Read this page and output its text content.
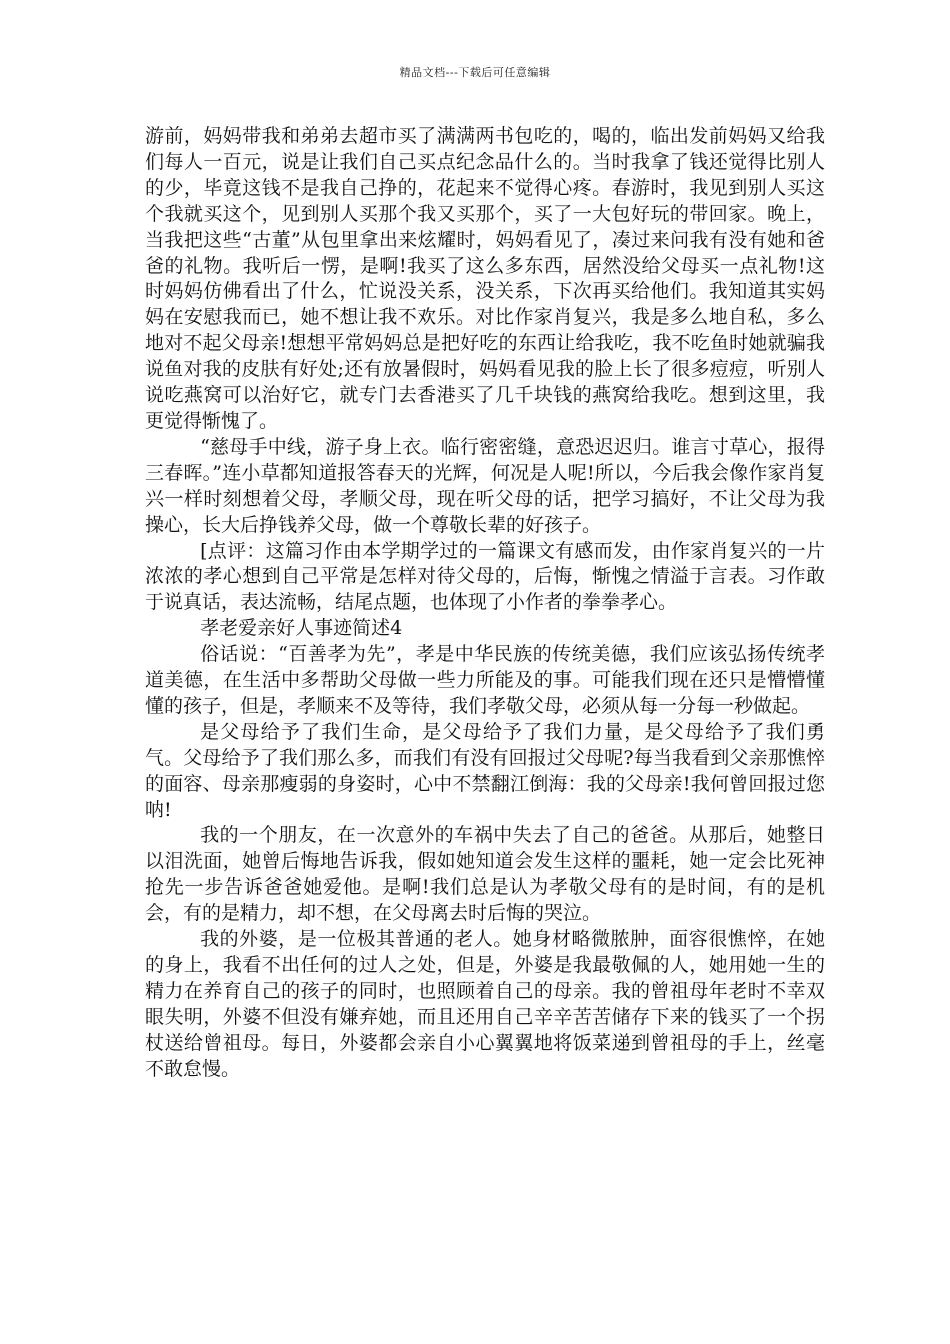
精品文档---下载后可任意编辑

游前，妈妈带我和弟弟去超市买了满满两书包吃的，喝的，临出发前妈妈又给我们每人一百元，说是让我们自己买点纪念品什么的。当时我拿了钱还觉得比别人的少，毕竟这钱不是我自己挣的，花起来不觉得心疼。春游时，我见到别人买这个我就买这个，见到别人买那个我又买那个，买了一大包好玩的带回家。晚上，当我把这些“古董”从包里拿出来炫耀时，妈妈看见了，凑过来问我有没有她和爸爸的礼物。我听后一愣，是啊!我买了这么多东西，居然没给父母买一点礼物!这时妈妈仿佛看出了什么，忙说没关系，没关系，下次再买给他们。我知道其实妈妈在安慰我而已，她不想让我不欢乐。对比作家肖复兴，我是多么地自私，多么地对不起父母亲!想想平常妈妈总是把好吃的东西让给我吃，我不吃鱼时她就骗我说鱼对我的皮肤有好处;还有放暑假时，妈妈看见我的脸上长了很多痘痘，听别人说吃燕窝可以治好它，就专门去香港买了几千块钱的燕窝给我吃。想到这里，我更觉得惭愧了。

“慈母手中线，游子身上衣。临行密密缝，意恐迟迟归。谁言寸草心，报得三春晖。”连小草都知道报答春天的光辉，何况是人呢!所以，今后我会像作家肖复兴一样时刻想着父母，孝顺父母，现在听父母的话，把学习搞好，不让父母为我操心，长大后挣钱养父母，做一个尊敬长辈的好孩子。

[点评：这篇习作由本学期学过的一篇课文有感而发，由作家肖复兴的一片浓浓的孝心想到自己平常是怎样对待父母的，后悔，惭愧之情溢于言表。习作敢于说真话，表达流畅，结尾点题，也体现了小作者的拳拳孝心。

孝老爱亲好人事迹简述4

俗话说：“百善孝为先”，孝是中华民族的传统美德，我们应该弘扬传统孝道美德，在生活中多帮助父母做一些力所能及的事。可能我们现在还只是懵懵懂懂的孩子，但是，孝顺来不及等待，我们孝敬父母，必须从每一分每一秒做起。

是父母给予了我们生命，是父母给予了我们力量，是父母给予了我们勇气。父母给予了我们那么多，而我们有没有回报过父母呢?每当我看到父亲那憔悴的面容、母亲那瘦弱的身姿时，心中不禁翻江倒海：我的父母亲!我何曾回报过您呐!

我的一个朋友，在一次意外的车祸中失去了自己的爸爸。从那后，她整日以泪洗面，她曾后悔地告诉我，假如她知道会发生这样的噩耗，她一定会比死神抢先一步告诉爸爸她爱他。是啊!我们总是认为孝敬父母有的是时间，有的是机会，有的是精力，却不想，在父母离去时后悔的哭泣。

我的外婆，是一位极其普通的老人。她身材略微脓肿，面容很憔悴，在她的身上，我看不出任何的过人之处，但是，外婆是我最敬佩的人，她用她一生的精力在养育自己的孩子的同时，也照顾着自己的母亲。我的曾祖母年老时不幸双眼失明，外婆不但没有嫌弃她，而且还用自己辛辛苦苦储存下来的钱买了一个拐杖送给曾祖母。每日，外婆都会亲自小心翼翼地将饭菜递到曾祖母的手上，丝毫不敢怠慢。
